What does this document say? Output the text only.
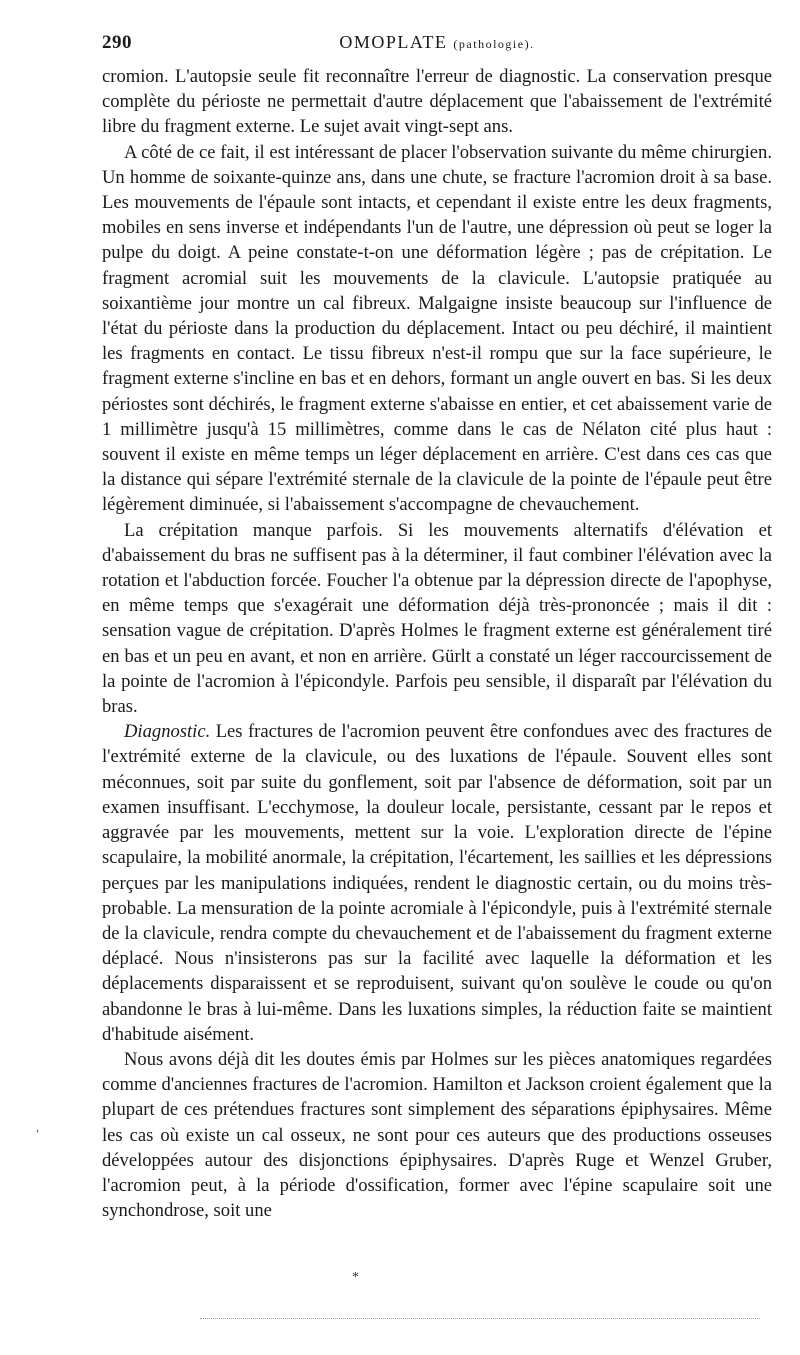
290	OMOPLATE (pathologie).

cromion. L'autopsie seule fit reconnaître l'erreur de diagnostic. La conservation presque complète du périoste ne permettait d'autre déplacement que l'abaissement de l'extrémité libre du fragment externe. Le sujet avait vingt-sept ans.

A côté de ce fait, il est intéressant de placer l'observation suivante du même chirurgien. Un homme de soixante-quinze ans, dans une chute, se fracture l'acromion droit à sa base. Les mouvements de l'épaule sont intacts, et cependant il existe entre les deux fragments, mobiles en sens inverse et indépendants l'un de l'autre, une dépression où peut se loger la pulpe du doigt. A peine constate-t-on une déformation légère ; pas de crépitation. Le fragment acromial suit les mouvements de la clavicule. L'autopsie pratiquée au soixantième jour montre un cal fibreux. Malgaigne insiste beaucoup sur l'influence de l'état du périoste dans la production du déplacement. Intact ou peu déchiré, il maintient les fragments en contact. Le tissu fibreux n'est-il rompu que sur la face supérieure, le fragment externe s'incline en bas et en dehors, formant un angle ouvert en bas. Si les deux périostes sont déchirés, le fragment externe s'abaisse en entier, et cet abaissement varie de 1 millimètre jusqu'à 15 millimètres, comme dans le cas de Nélaton cité plus haut : souvent il existe en même temps un léger déplacement en arrière. C'est dans ces cas que la distance qui sépare l'extrémité sternale de la clavicule de la pointe de l'épaule peut être légèrement diminuée, si l'abaissement s'accompagne de chevauchement.

La crépitation manque parfois. Si les mouvements alternatifs d'élévation et d'abaissement du bras ne suffisent pas à la déterminer, il faut combiner l'élévation avec la rotation et l'abduction forcée. Foucher l'a obtenue par la dépression directe de l'apophyse, en même temps que s'exagérait une déformation déjà très-prononcée ; mais il dit : sensation vague de crépitation. D'après Holmes le fragment externe est généralement tiré en bas et un peu en avant, et non en arrière. Gürlt a constaté un léger raccourcissement de la pointe de l'acromion à l'épicondyle. Parfois peu sensible, il disparaît par l'élévation du bras.

Diagnostic. Les fractures de l'acromion peuvent être confondues avec des fractures de l'extrémité externe de la clavicule, ou des luxations de l'épaule. Souvent elles sont méconnues, soit par suite du gonflement, soit par l'absence de déformation, soit par un examen insuffisant. L'ecchymose, la douleur locale, persistante, cessant par le repos et aggravée par les mouvements, mettent sur la voie. L'exploration directe de l'épine scapulaire, la mobilité anormale, la crépitation, l'écartement, les saillies et les dépressions perçues par les manipulations indiquées, rendent le diagnostic certain, ou du moins très-probable. La mensuration de la pointe acromiale à l'épicondyle, puis à l'extrémité sternale de la clavicule, rendra compte du chevauchement et de l'abaissement du fragment externe déplacé. Nous n'insisterons pas sur la facilité avec laquelle la déformation et les déplacements disparaissent et se reproduisent, suivant qu'on soulève le coude ou qu'on abandonne le bras à lui-même. Dans les luxations simples, la réduction faite se maintient d'habitude aisément.

Nous avons déjà dit les doutes émis par Holmes sur les pièces anatomiques regardées comme d'anciennes fractures de l'acromion. Hamilton et Jackson croient également que la plupart de ces prétendues fractures sont simplement des séparations épiphysaires. Même les cas où existe un cal osseux, ne sont pour ces auteurs que des productions osseuses développées autour des disjonctions épiphysaires. D'après Ruge et Wenzel Gruber, l'acromion peut, à la période d'ossification, former avec l'épine scapulaire soit une synchondrose, soit une

,
*
